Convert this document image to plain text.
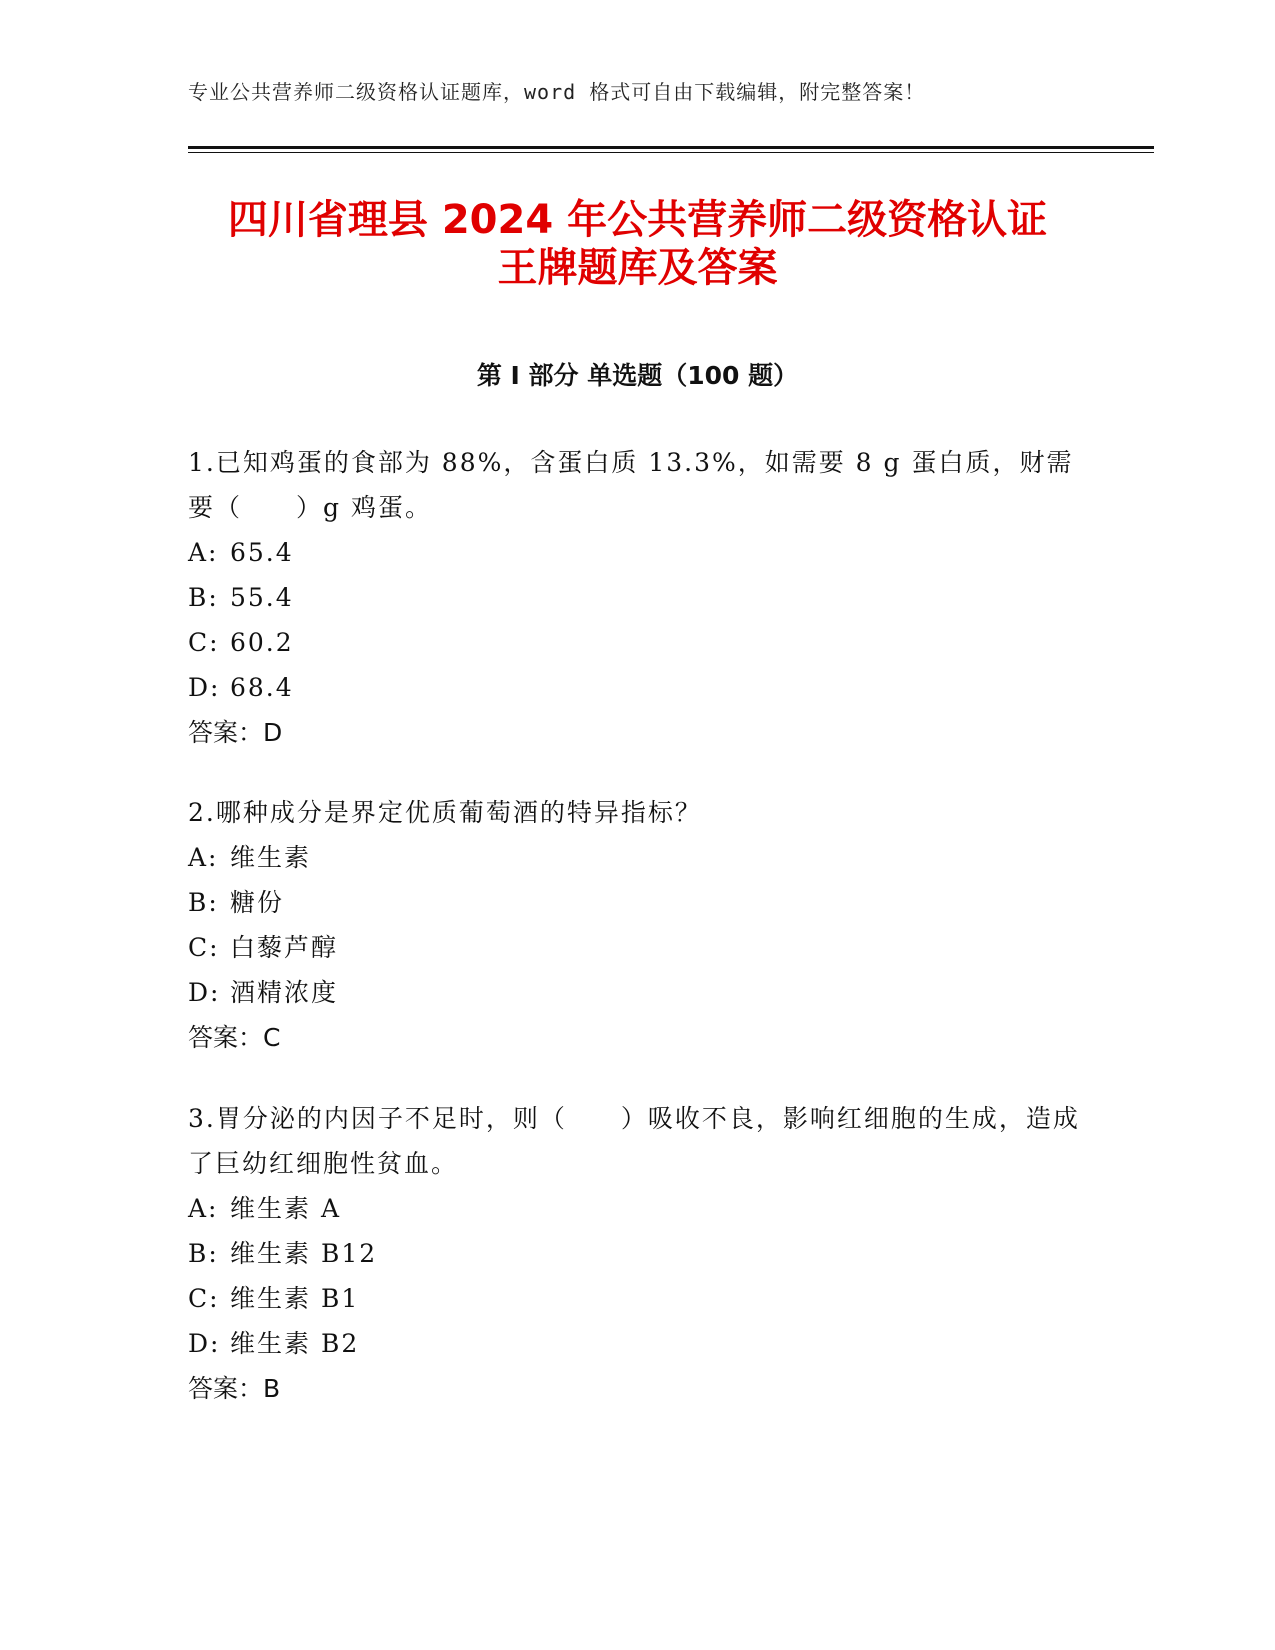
专业公共营养师二级资格认证题库，word 格式可自由下载编辑，附完整答案！
四川省理县 2024 年公共营养师二级资格认证
王牌题库及答案
第 I 部分 单选题（100 题）
1.已知鸡蛋的食部为 88%，含蛋白质 13.3%，如需要 8 g 蛋白质，财需要（　　）g 鸡蛋。
A: 65.4
B: 55.4
C: 60.2
D: 68.4
答案：D
2.哪种成分是界定优质葡萄酒的特异指标？
A: 维生素
B: 糖份
C: 白藜芦醇
D: 酒精浓度
答案：C
3.胃分泌的内因子不足时，则（　　）吸收不良，影响红细胞的生成，造成了巨幼红细胞性贫血。
A: 维生素 A
B: 维生素 B12
C: 维生素 B1
D: 维生素 B2
答案：B
